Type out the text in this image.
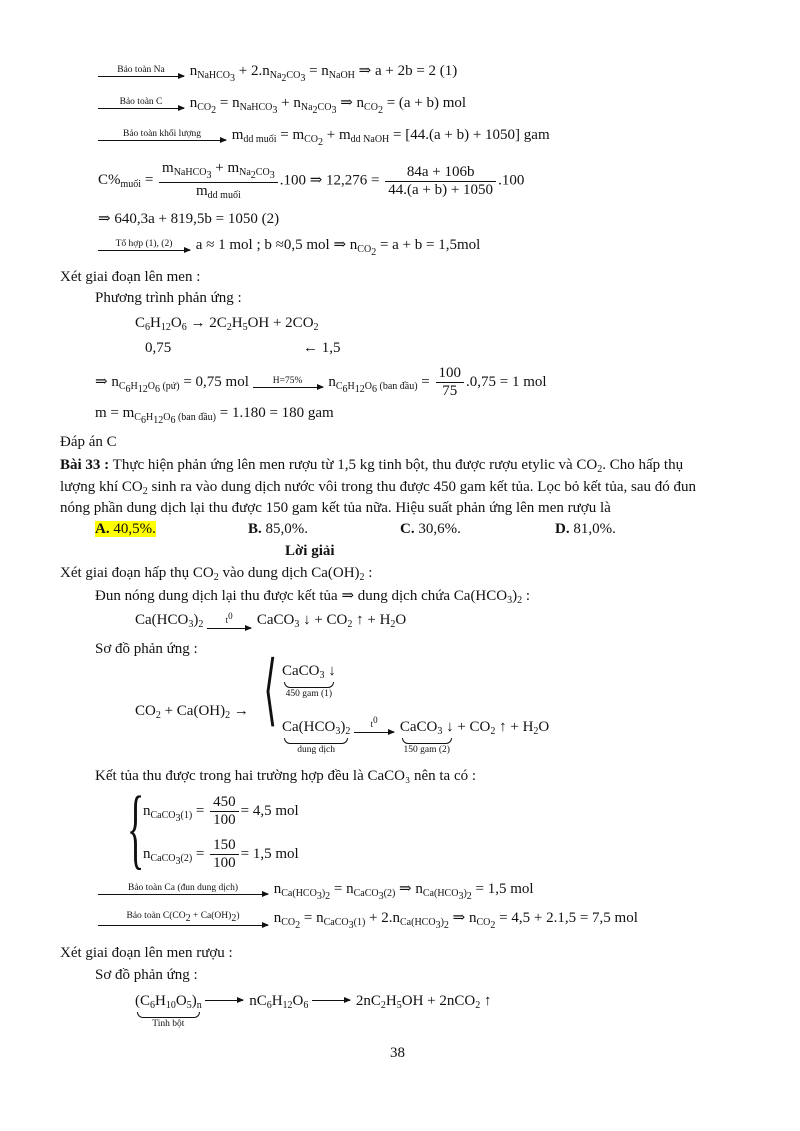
Bảo toàn Na	$n_{NaHCO_3} + 2.n_{Na_2CO_3} = n_{NaOH}$ ⇒ a + 2b = 2 (1)
Bảo toàn C	$n_{CO_2} = n_{NaHCO_3} + n_{Na_2CO_3}$ ⇒ $n_{CO_2} = (a + b)$ mol
Bảo toàn khối lượng	$m_{dd muối} = m_{CO_2} + m_{dd NaOH} = [44.(a + b) + 1050]$ gam
$C\%_{muối} = \frac{m_{NaHCO_3} + m_{Na_2CO_3}}{m_{dd muối}} .100$ ⇒ $12,276 = \frac{84a + 106b}{44.(a + b) + 1050} .100$
⇒ 640,3a + 819,5b = 1050 (2)
Tổ hợp (1), (2)	a ≈ 1 mol ; b ≈0,5 mol ⇒ $n_{CO_2} = a + b = 1,5mol$
Xét giai đoạn lên men :
Phương trình phản ứng :
$C_6H_{12}O_6 \to 2C_2H_5OH + 2CO_2$
0,75	← 1,5
⇒ $n_{C_6H_{12}O_6 (pứ)} = 0,75$ mol	H=75%	$n_{C_6H_{12}O_6 (ban đầu)} = \frac{100}{75} .0,75 = 1$ mol
$m = m_{C_6H_{12}O_6 (ban đầu)} = 1.180 = 180$ gam
Đáp án C
Bài 33 : Thực hiện phản ứng lên men rượu từ 1,5 kg tinh bột, thu được rượu etylic và $CO_2$. Cho hấp thụ
lượng khí $CO_2$ sinh ra vào dung dịch nước vôi trong thu được 450 gam kết tủa. Lọc bỏ kết tủa, sau đó đun
nóng phần dung dịch lại thu được 150 gam kết tủa nữa. Hiệu suất phản ứng lên men rượu là
A. 40,5%.	B. 85,0%.	C. 30,6%.	D. 81,0%.
Lời giải
Xét giai đoạn hấp thụ $CO_2$ vào dung dịch $Ca(OH)_2$ :
Đun nóng dung dịch lại thu được kết tủa ⇒ dung dịch chứa $Ca(HCO_3)_2$ :
$Ca(HCO_3)_2$	$t^0$	CaCO$_3$ ↓ + $CO_2$ ↑ + $H_2O$
Sơ đồ phản ứng :
$CO_2 + Ca(OH)_2$ → ⟨ CaCO$_3$ ↓
450 gam (1)
$Ca(HCO_3)_2$
dung dịch

$t^0$
	CaCO$_3$ ↓
150 gam (2)
+ $CO_2$ ↑ + $H_2O$
Kết tủa thu được trong hai trường hợp đều là CaCO₃ nên ta có :
{
$n_{CaCO_3(1)} = \frac{450}{100} = 4,5$ mol
$n_{CaCO_3(2)} = \frac{150}{100} = 1,5$ mol
Bảo toàn Ca (đun dung dịch)	$n_{Ca(HCO_3)_2} = n_{CaCO_3(2)}$ ⇒ $n_{Ca(HCO_3)_2} = 1,5$ mol
Bảo toàn $C(CO_2 + Ca(OH)_2)$	$n_{CO_2} = n_{CaCO_3(1)} + 2.n_{Ca(HCO_3)_2}$ ⇒ $n_{CO_2} = 4,5 + 2.1,5 = 7,5$ mol
Xét giai đoạn lên men rượu :
Sơ đồ phản ứng :
$(C_6H_{10}O_5)_n$
Tinh bột

$nC_6H_{12}O_6$	$2nC_2H_5OH + 2nCO_2$ ↑
38
